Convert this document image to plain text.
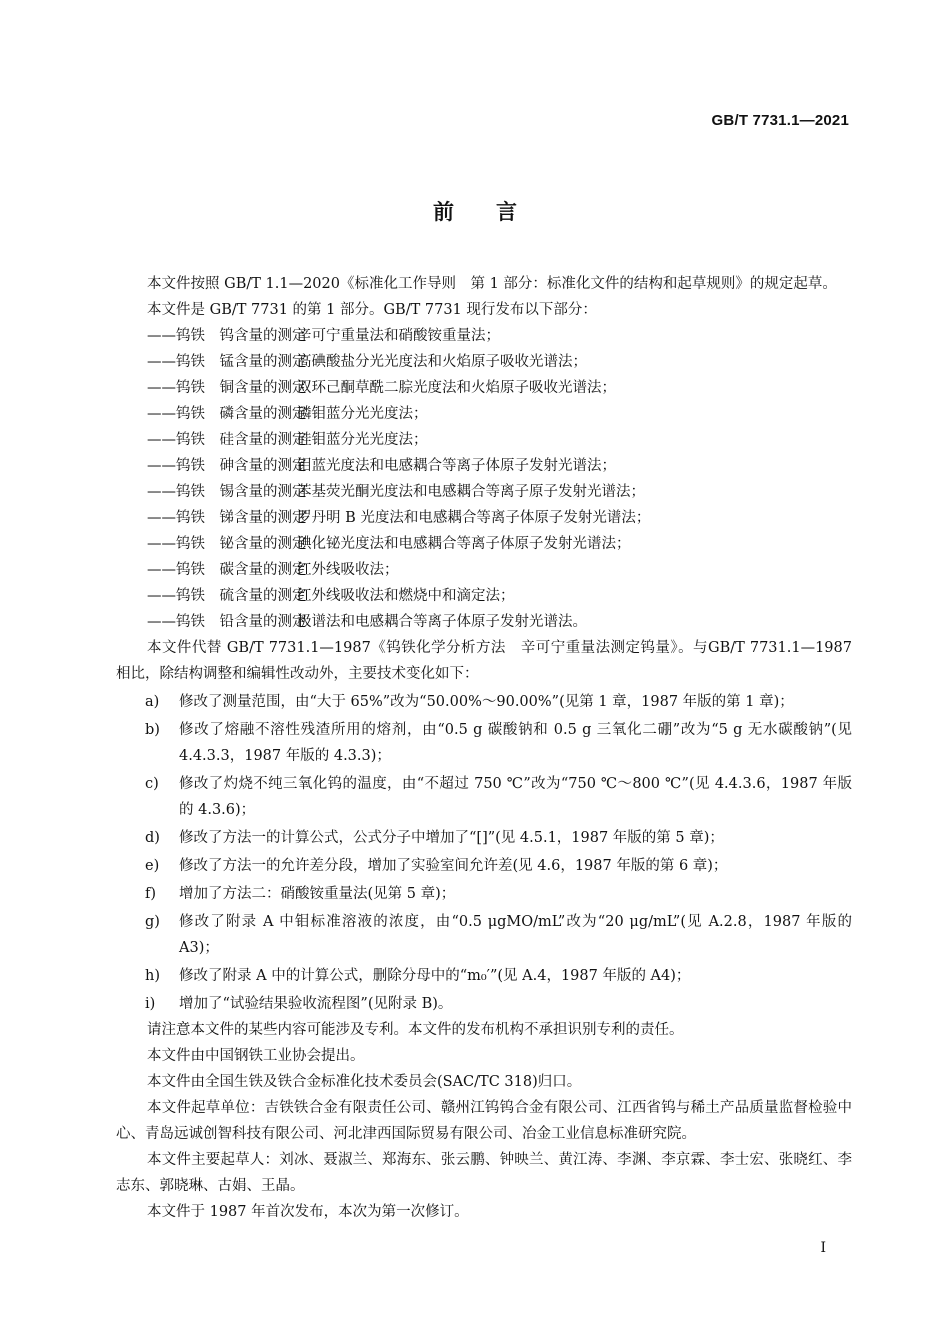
GB/T 7731.1—2021
前言

本文件按照 GB/T 1.1—2020《标准化工作导则　第 1 部分：标准化文件的结构和起草规则》的规定起草。

本文件是 GB/T 7731 的第 1 部分。GB/T 7731 现行发布以下部分：

——钨铁　钨含量的测定辛可宁重量法和硝酸铵重量法；

——钨铁　锰含量的测定高碘酸盐分光光度法和火焰原子吸收光谱法；

——钨铁　铜含量的测定双环己酮草酰二腙光度法和火焰原子吸收光谱法；

——钨铁　磷含量的测定磷钼蓝分光光度法；

——钨铁　硅含量的测定硅钼蓝分光光度法；

——钨铁　砷含量的测定钼蓝光度法和电感耦合等离子体原子发射光谱法；

——钨铁　锡含量的测定苯基荧光酮光度法和电感耦合等离子原子发射光谱法；

——钨铁　锑含量的测定罗丹明 B 光度法和电感耦合等离子体原子发射光谱法；

——钨铁　铋含量的测定碘化铋光度法和电感耦合等离子体原子发射光谱法；

——钨铁　碳含量的测定红外线吸收法；

——钨铁　硫含量的测定红外线吸收法和燃烧中和滴定法；

——钨铁　铅含量的测定极谱法和电感耦合等离子体原子发射光谱法。

本文件代替 GB/T 7731.1—1987《钨铁化学分析方法　辛可宁重量法测定钨量》。与GB/T 7731.1—1987 相比，除结构调整和编辑性改动外，主要技术变化如下：

a) 修改了测量范围，由“大于 65%”改为“50.00%～90.00%”(见第 1 章，1987 年版的第 1 章)；

b) 修改了熔融不溶性残渣所用的熔剂，由“0.5 g 碳酸钠和 0.5 g 三氧化二硼”改为“5 g 无水碳酸钠”(见 4.4.3.3，1987 年版的 4.3.3)；

c) 修改了灼烧不纯三氧化钨的温度，由“不超过 750 ℃”改为“750 ℃～800 ℃”(见 4.4.3.6，1987 年版的 4.3.6)；

d) 修改了方法一的计算公式，公式分子中增加了“[]”(见 4.5.1，1987 年版的第 5 章)；

e) 修改了方法一的允许差分段，增加了实验室间允许差(见 4.6，1987 年版的第 6 章)；

f) 增加了方法二：硝酸铵重量法(见第 5 章)；

g) 修改了附录 A 中钼标准溶液的浓度，由“0.5 μgMO/mL”改为“20 μg/mL”(见 A.2.8，1987 年版的 A3)；

h) 修改了附录 A 中的计算公式，删除分母中的“m₀′”(见 A.4，1987 年版的 A4)；

i) 增加了“试验结果验收流程图”(见附录 B)。

请注意本文件的某些内容可能涉及专利。本文件的发布机构不承担识别专利的责任。

本文件由中国钢铁工业协会提出。

本文件由全国生铁及铁合金标准化技术委员会(SAC/TC 318)归口。

本文件起草单位：吉铁铁合金有限责任公司、赣州江钨钨合金有限公司、江西省钨与稀土产品质量监督检验中心、青岛远诚创智科技有限公司、河北津西国际贸易有限公司、冶金工业信息标准研究院。

本文件主要起草人：刘冰、聂淑兰、郑海东、张云鹏、钟映兰、黄江涛、李渊、李京霖、李士宏、张晓红、李志东、郭晓琳、古娟、王晶。

本文件于 1987 年首次发布，本次为第一次修订。

I
